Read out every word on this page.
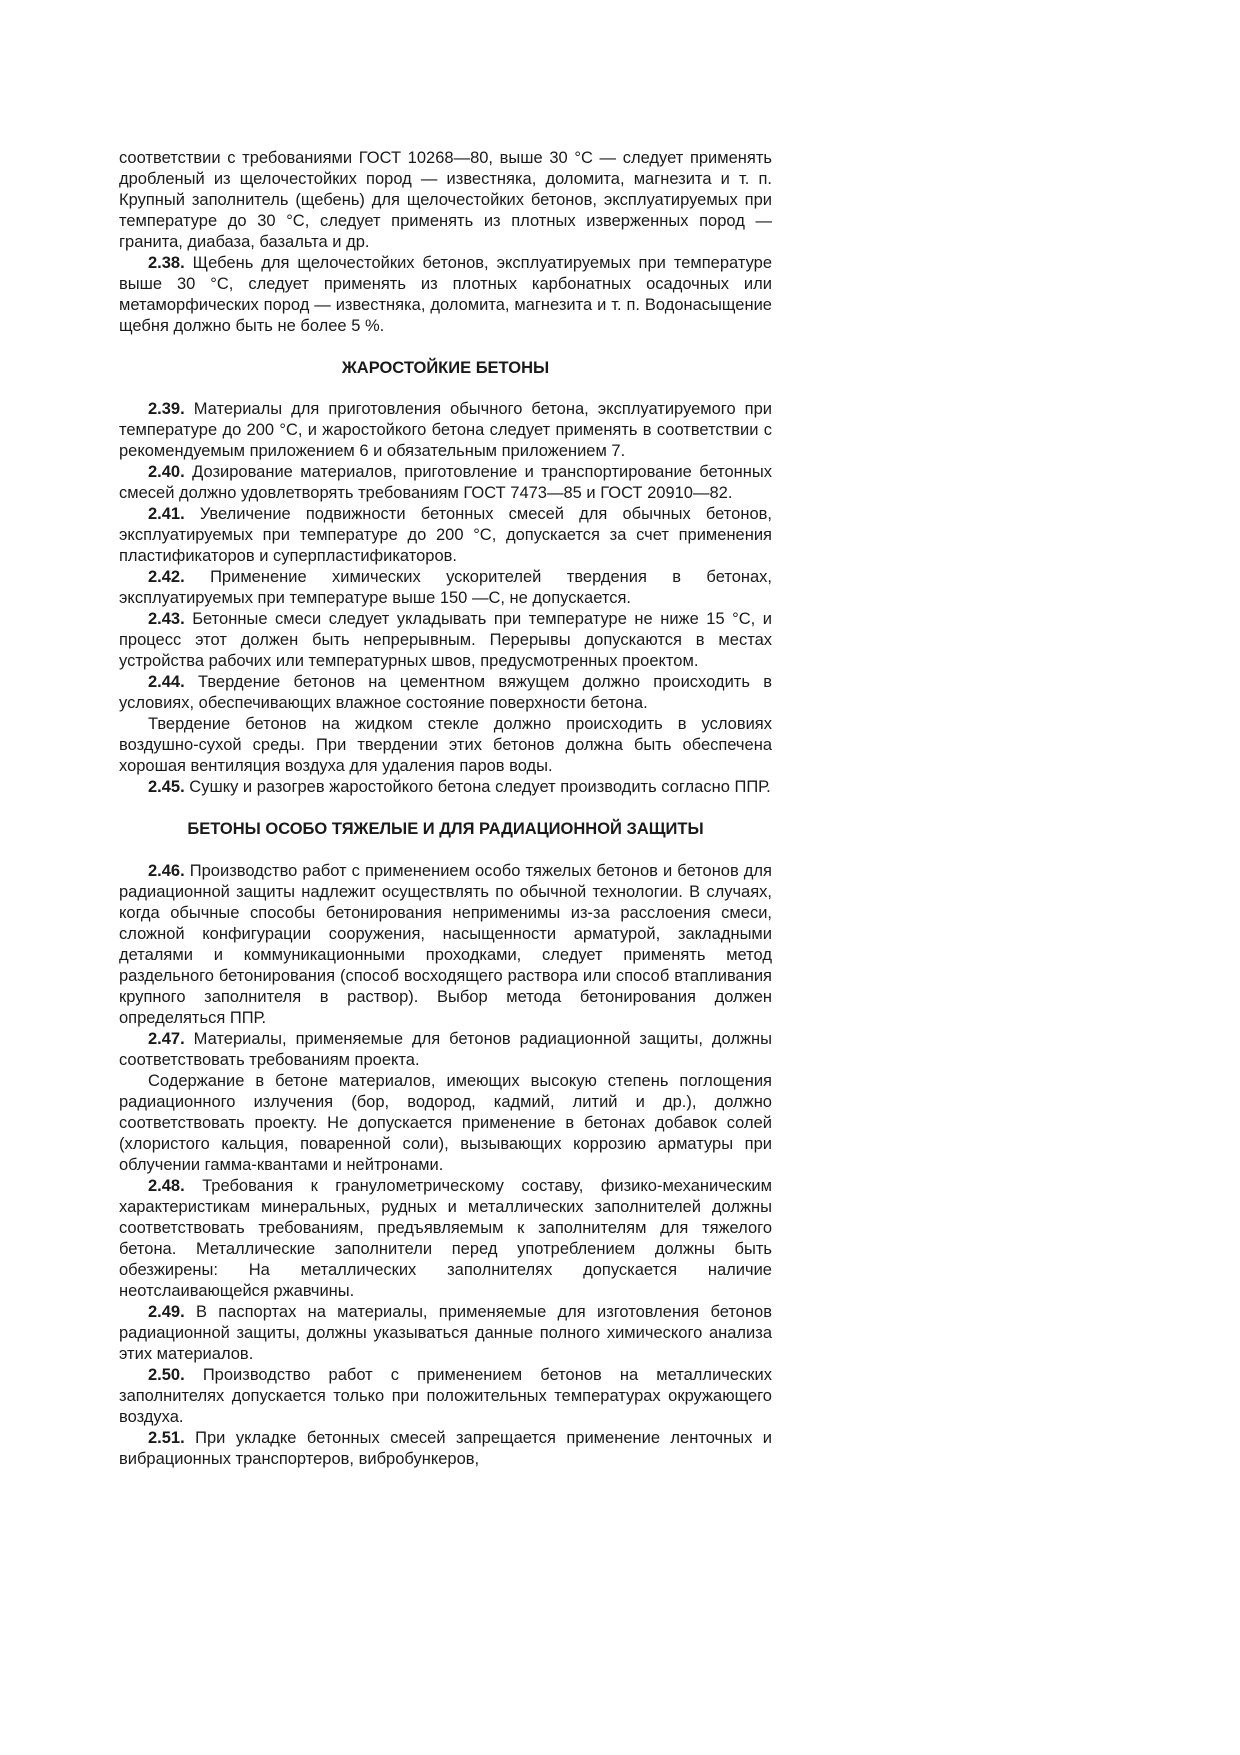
соответствии с требованиями ГОСТ 10268—80, выше 30 °С — следует применять дробленый из щелочестойких пород — известняка, доломита, магнезита и т. п. Крупный заполнитель (щебень) для щелочестойких бетонов, эксплуатируемых при температуре до 30 °С, следует применять из плотных изверженных пород — гранита, диабаза, базальта и др.

2.38. Щебень для щелочестойких бетонов, эксплуатируемых при температуре выше 30 °С, следует применять из плотных карбонатных осадочных или метаморфических пород — известняка, доломита, магнезита и т. п. Водонасыщение щебня должно быть не более 5 %.

ЖАРОСТОЙКИЕ БЕТОНЫ

2.39. Материалы для приготовления обычного бетона, эксплуатируемого при температуре до 200 °С, и жаростойкого бетона следует применять в соответствии с рекомендуемым приложением 6 и обязательным приложением 7.

2.40. Дозирование материалов, приготовление и транспортирование бетонных смесей должно удовлетворять требованиям ГОСТ 7473—85 и ГОСТ 20910—82.

2.41. Увеличение подвижности бетонных смесей для обычных бетонов, эксплуатируемых при температуре до 200 °С, допускается за счет применения пластификаторов и суперпластификаторов.

2.42. Применение химических ускорителей твердения в бетонах, эксплуатируемых при температуре выше 150 —С, не допускается.

2.43. Бетонные смеси следует укладывать при температуре не ниже 15 °С, и процесс этот должен быть непрерывным. Перерывы допускаются в местах устройства рабочих или температурных швов, предусмотренных проектом.

2.44. Твердение бетонов на цементном вяжущем должно происходить в условиях, обеспечивающих влажное состояние поверхности бетона.

Твердение бетонов на жидком стекле должно происходить в условиях воздушно-сухой среды. При твердении этих бетонов должна быть обеспечена хорошая вентиляция воздуха для удаления паров воды.

2.45. Сушку и разогрев жаростойкого бетона следует производить согласно ППР.

БЕТОНЫ ОСОБО ТЯЖЕЛЫЕ И ДЛЯ РАДИАЦИОННОЙ ЗАЩИТЫ

2.46. Производство работ с применением особо тяжелых бетонов и бетонов для радиационной защиты надлежит осуществлять по обычной технологии. В случаях, когда обычные способы бетонирования неприменимы из-за расслоения смеси, сложной конфигурации сооружения, насыщенности арматурой, закладными деталями и коммуникационными проходками, следует применять метод раздельного бетонирования (способ восходящего раствора или способ втапливания крупного заполнителя в раствор). Выбор метода бетонирования должен определяться ППР.

2.47. Материалы, применяемые для бетонов радиационной защиты, должны соответствовать требованиям проекта.

Содержание в бетоне материалов, имеющих высокую степень поглощения радиационного излучения (бор, водород, кадмий, литий и др.), должно соответствовать проекту. Не допускается применение в бетонах добавок солей (хлористого кальция, поваренной соли), вызывающих коррозию арматуры при облучении гамма-квантами и нейтронами.

2.48. Требования к гранулометрическому составу, физико-механическим характеристикам минеральных, рудных и металлических заполнителей должны соответствовать требованиям, предъявляемым к заполнителям для тяжелого бетона. Металлические заполнители перед употреблением должны быть обезжирены: На металлических заполнителях допускается наличие неотслаивающейся ржавчины.

2.49. В паспортах на материалы, применяемые для изготовления бетонов радиационной защиты, должны указываться данные полного химического анализа этих материалов.

2.50. Производство работ с применением бетонов на металлических заполнителях допускается только при положительных температурах окружающего воздуха.

2.51. При укладке бетонных смесей запрещается применение ленточных и вибрационных транспортеров, вибробункеров,
